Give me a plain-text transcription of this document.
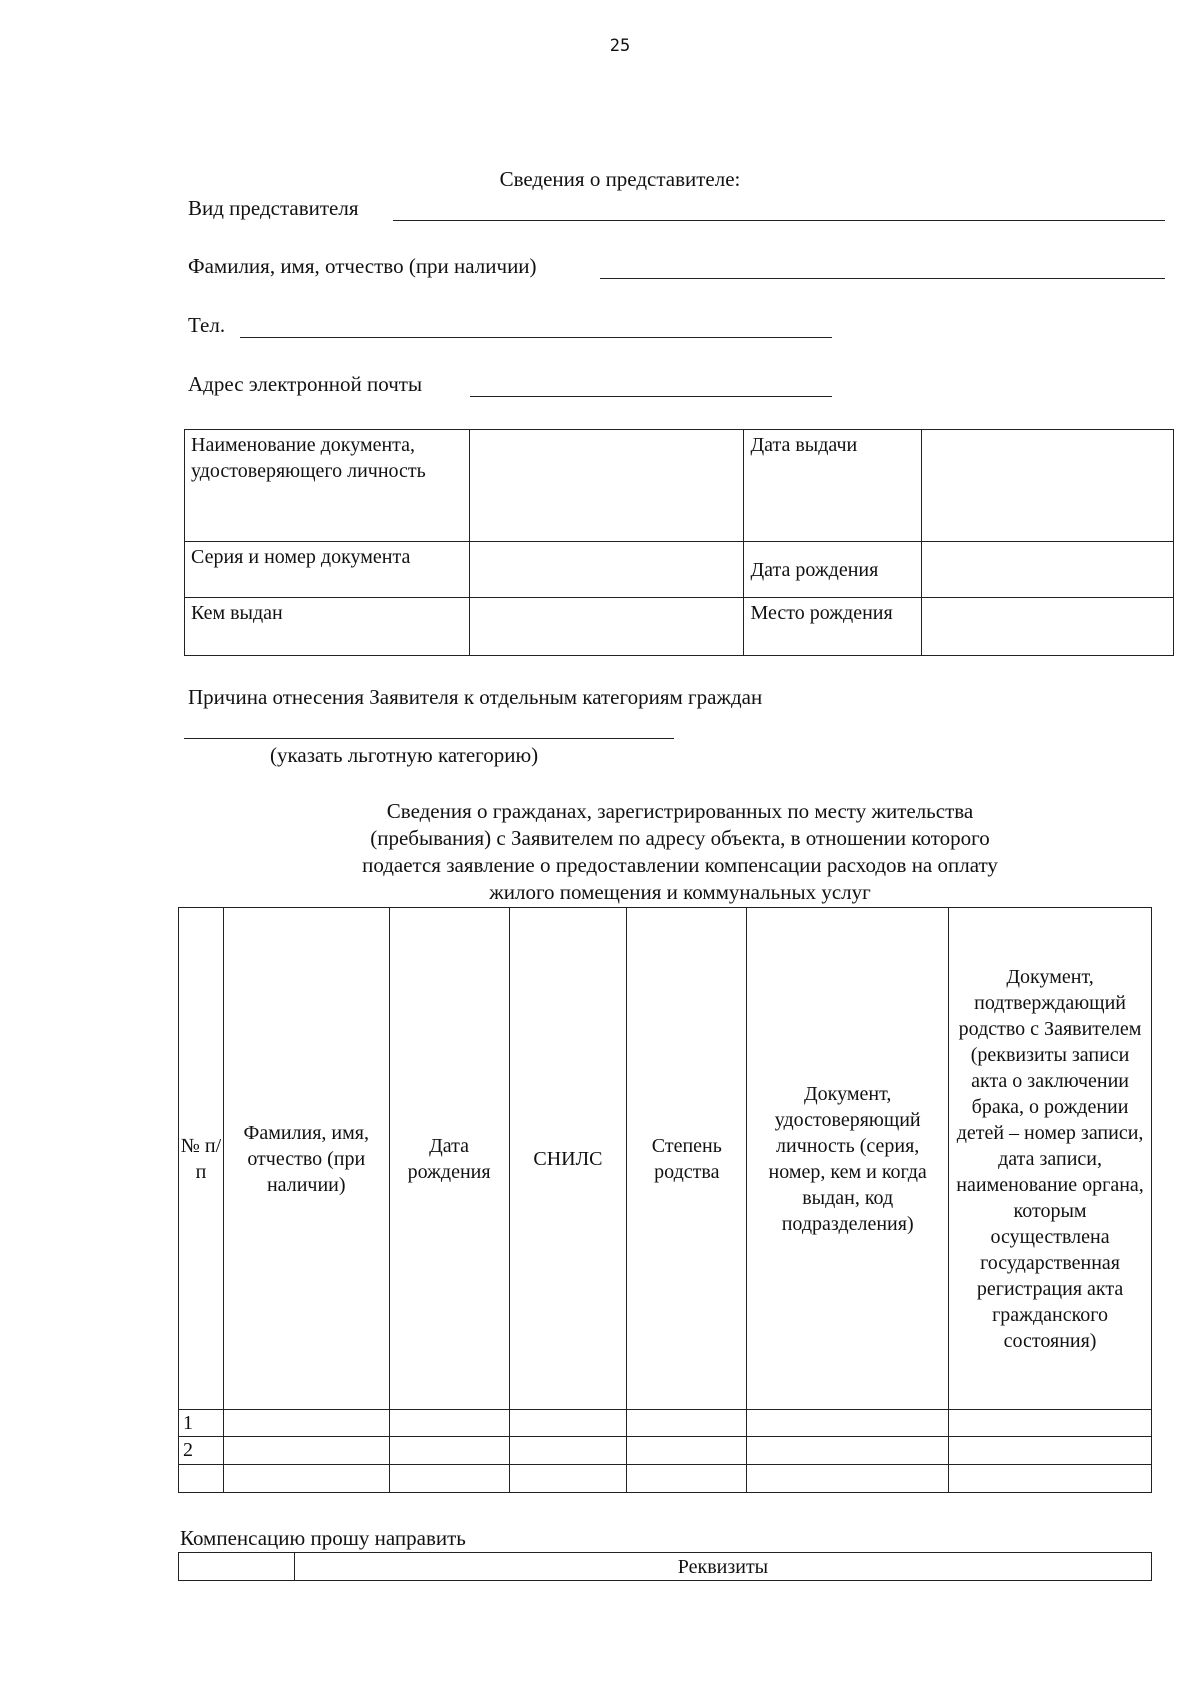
25
Сведения о представителе:
Вид представителя
Фамилия, имя, отчество (при наличии)
Тел.
Адрес электронной почты
Наименование документа, удостоверяющего личность		Дата выдачи	
Серия и номер документа		Дата рождения	
Кем выдан		Место рождения	
Причина отнесения Заявителя к отдельным категориям граждан
(указать льготную категорию)
Сведения о гражданах, зарегистрированных по месту жительства
(пребывания) с Заявителем по адресу объекта, в отношении которого
подается заявление о предоставлении компенсации расходов на оплату
жилого помещения и коммунальных услуг
№ п/п	Фамилия, имя, отчество (при наличии)	Дата рождения	СНИЛС	Степень родства	Документ, удостоверяющий личность (серия, номер, кем и когда выдан, код подразделения)	Документ, подтверждающий родство с Заявителем (реквизиты записи акта о заключении брака, о рождении детей – номер записи, дата записи, наименование органа, которым осуществлена государственная регистрация акта гражданского состояния)
1						
2						

Компенсацию прошу направить
	Реквизиты
